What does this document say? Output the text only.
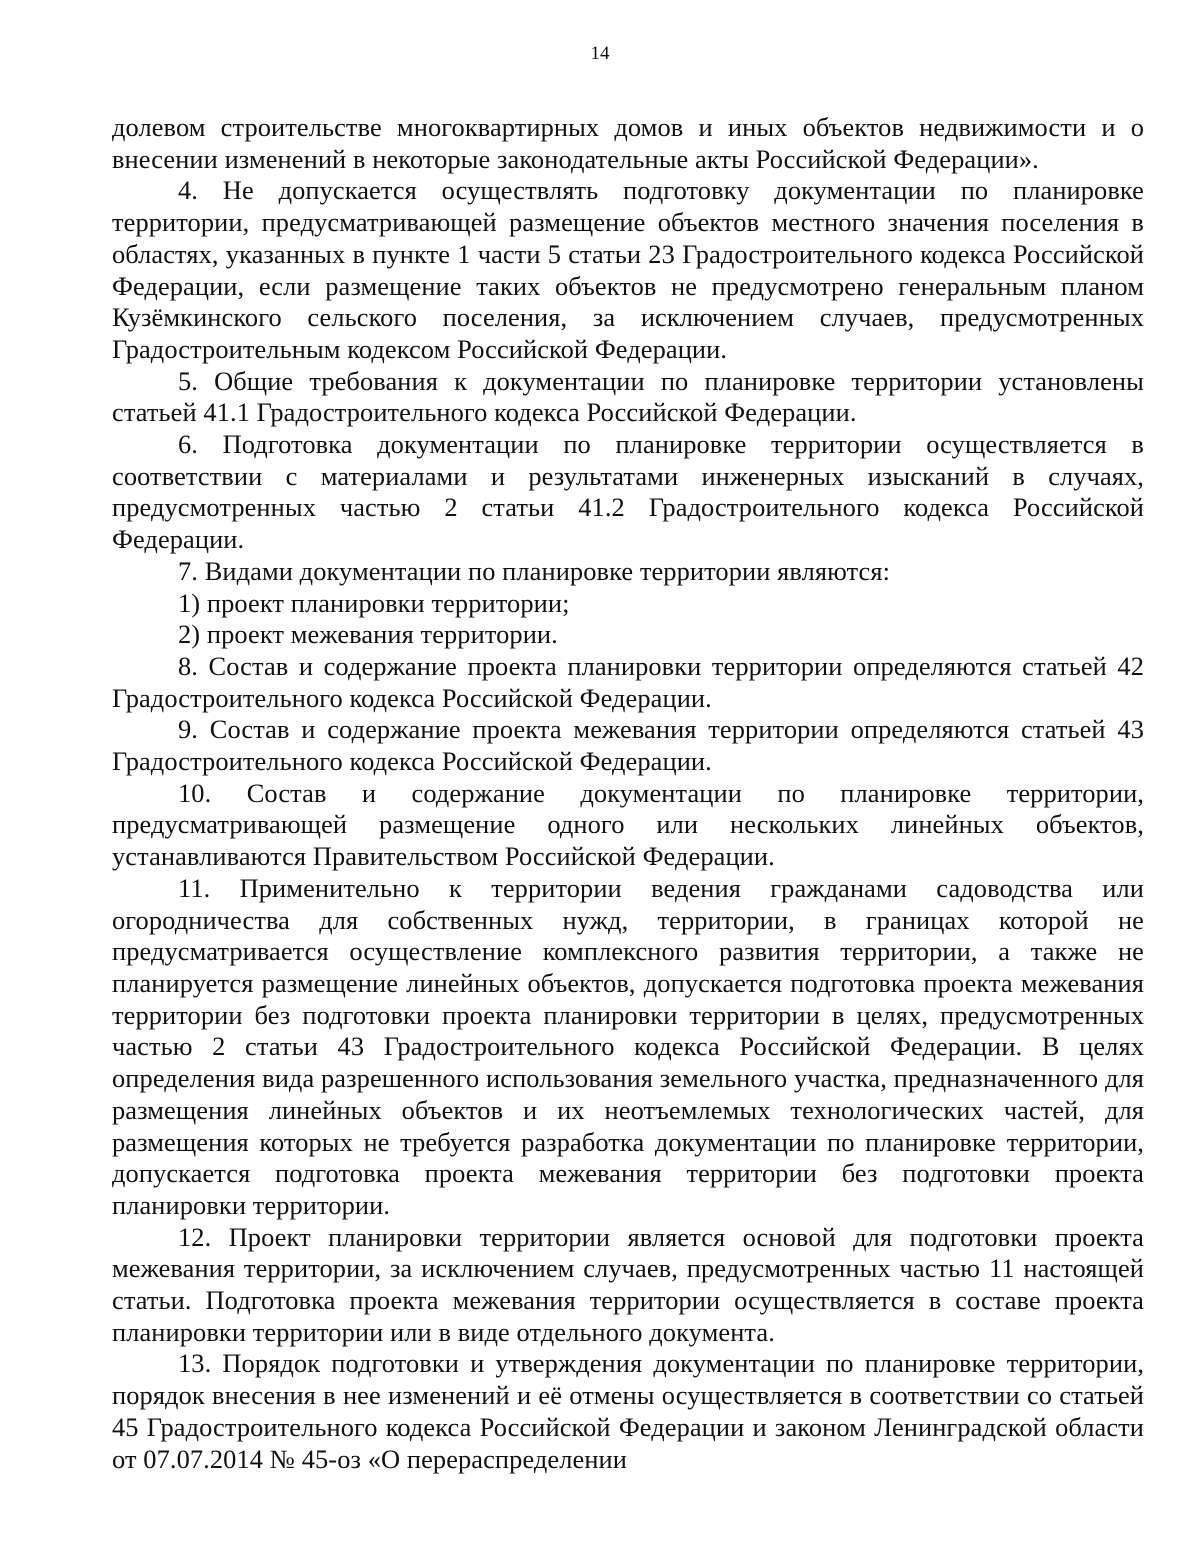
14

долевом строительстве многоквартирных домов и иных объектов недвижимости и о внесении изменений в некоторые законодательные акты Российской Федерации».

4. Не допускается осуществлять подготовку документации по планировке территории, предусматривающей размещение объектов местного значения поселения в областях, указанных в пункте 1 части 5 статьи 23 Градостроительного кодекса Российской Федерации, если размещение таких объектов не предусмотрено генеральным планом Кузёмкинского сельского поселения, за исключением случаев, предусмотренных Градостроительным кодексом Российской Федерации.

5. Общие требования к документации по планировке территории установлены статьей 41.1 Градостроительного кодекса Российской Федерации.

6. Подготовка документации по планировке территории осуществляется в соответствии с материалами и результатами инженерных изысканий в случаях, предусмотренных частью 2 статьи 41.2 Градостроительного кодекса Российской Федерации.

7. Видами документации по планировке территории являются:

1) проект планировки территории;

2) проект межевания территории.

8. Состав и содержание проекта планировки территории определяются статьей 42 Градостроительного кодекса Российской Федерации.

9. Состав и содержание проекта межевания территории определяются статьей 43 Градостроительного кодекса Российской Федерации.

10. Состав и содержание документации по планировке территории, предусматривающей размещение одного или нескольких линейных объектов, устанавливаются Правительством Российской Федерации.

11. Применительно к территории ведения гражданами садоводства или огородничества для собственных нужд, территории, в границах которой не предусматривается осуществление комплексного развития территории, а также не планируется размещение линейных объектов, допускается подготовка проекта межевания территории без подготовки проекта планировки территории в целях, предусмотренных частью 2 статьи 43 Градостроительного кодекса Российской Федерации. В целях определения вида разрешенного использования земельного участка, предназначенного для размещения линейных объектов и их неотъемлемых технологических частей, для размещения которых не требуется разработка документации по планировке территории, допускается подготовка проекта межевания территории без подготовки проекта планировки территории.

12. Проект планировки территории является основой для подготовки проекта межевания территории, за исключением случаев, предусмотренных частью 11 настоящей статьи. Подготовка проекта межевания территории осуществляется в составе проекта планировки территории или в виде отдельного документа.

13. Порядок подготовки и утверждения документации по планировке территории, порядок внесения в нее изменений и её отмены осуществляется в соответствии со статьей 45 Градостроительного кодекса Российской Федерации и законом Ленинградской области от 07.07.2014 № 45-оз «О перераспределении
